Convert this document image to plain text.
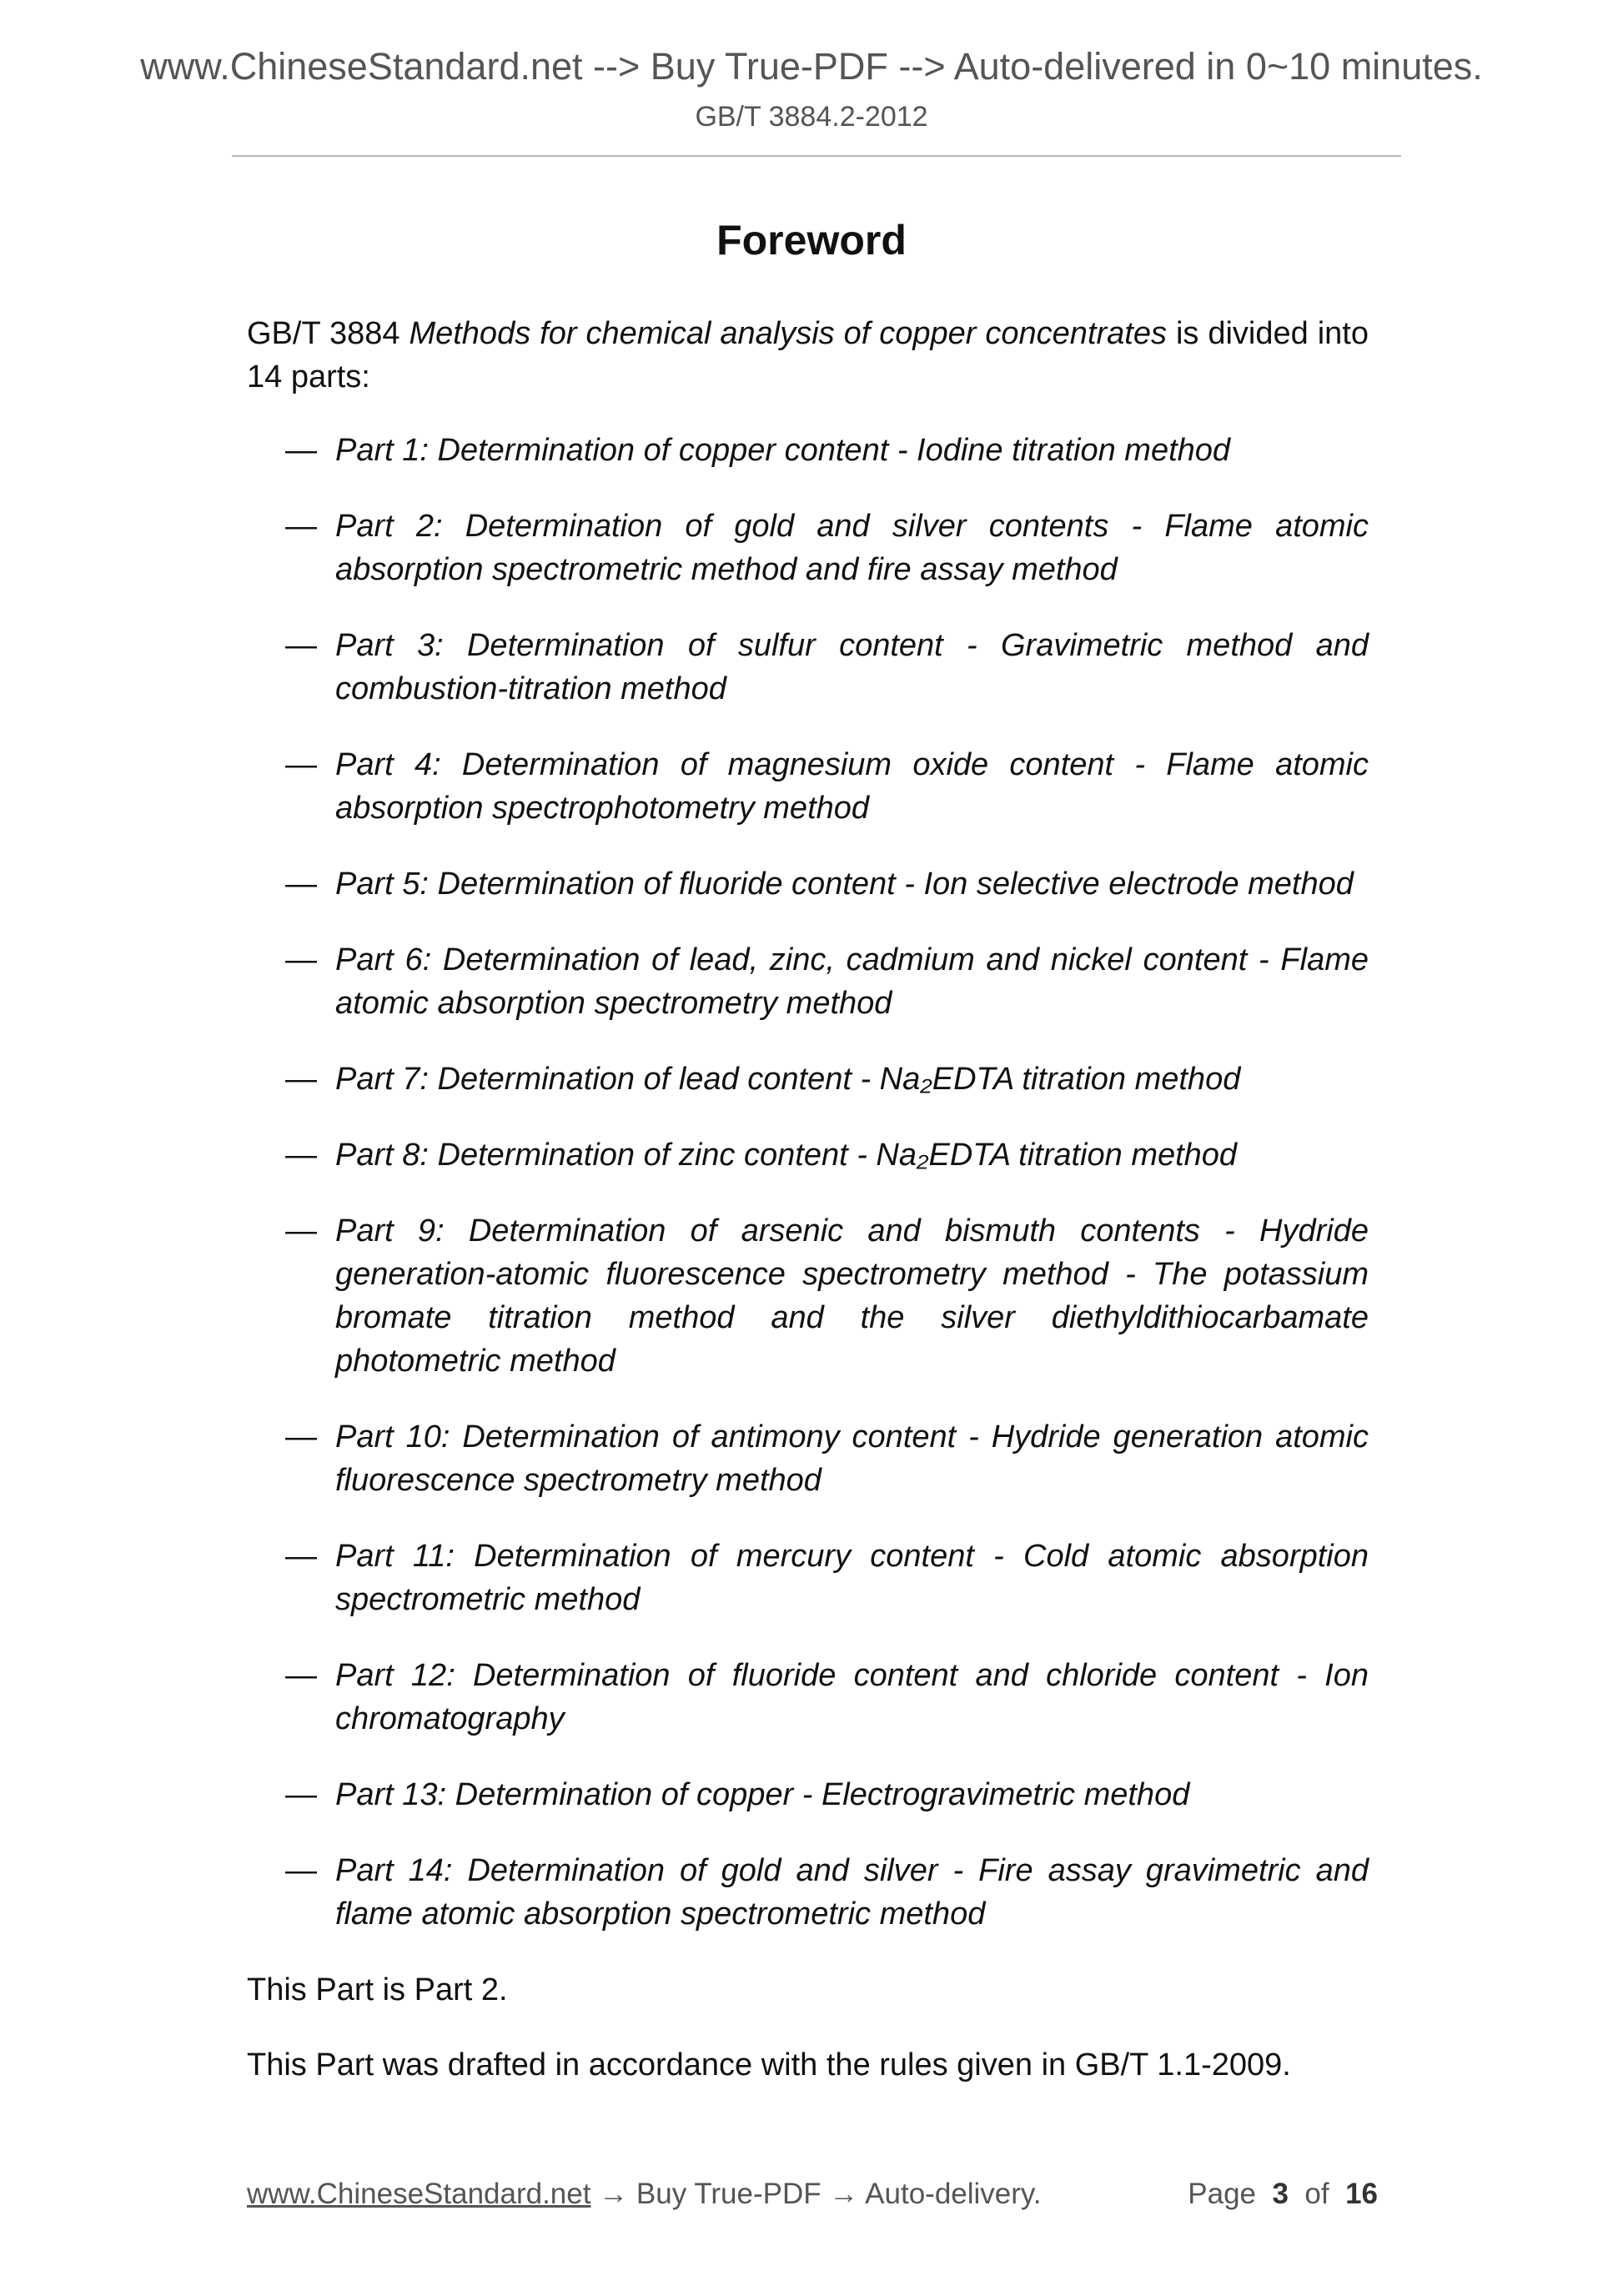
www.ChineseStandard.net --> Buy True-PDF --> Auto-delivered in 0~10 minutes.
GB/T 3884.2-2012
Foreword

GB/T 3884 Methods for chemical analysis of copper concentrates is divided into 14 parts:

— Part 1: Determination of copper content - Iodine titration method
— Part 2: Determination of gold and silver contents - Flame atomic absorption spectrometric method and fire assay method
— Part 3: Determination of sulfur content - Gravimetric method and combustion-titration method
— Part 4: Determination of magnesium oxide content - Flame atomic absorption spectrophotometry method
— Part 5: Determination of fluoride content - Ion selective electrode method
— Part 6: Determination of lead, zinc, cadmium and nickel content - Flame atomic absorption spectrometry method
— Part 7: Determination of lead content - Na₂EDTA titration method
— Part 8: Determination of zinc content - Na₂EDTA titration method
— Part 9: Determination of arsenic and bismuth contents - Hydride generation-atomic fluorescence spectrometry method - The potassium bromate titration method and the silver diethyldithiocarbamate photometric method
— Part 10: Determination of antimony content - Hydride generation atomic fluorescence spectrometry method
— Part 11: Determination of mercury content - Cold atomic absorption spectrometric method
— Part 12: Determination of fluoride content and chloride content - Ion chromatography
— Part 13: Determination of copper - Electrogravimetric method
— Part 14: Determination of gold and silver - Fire assay gravimetric and flame atomic absorption spectrometric method

This Part is Part 2.

This Part was drafted in accordance with the rules given in GB/T 1.1-2009.

www.ChineseStandard.net → Buy True-PDF → Auto-delivery.	Page 3 of 16
